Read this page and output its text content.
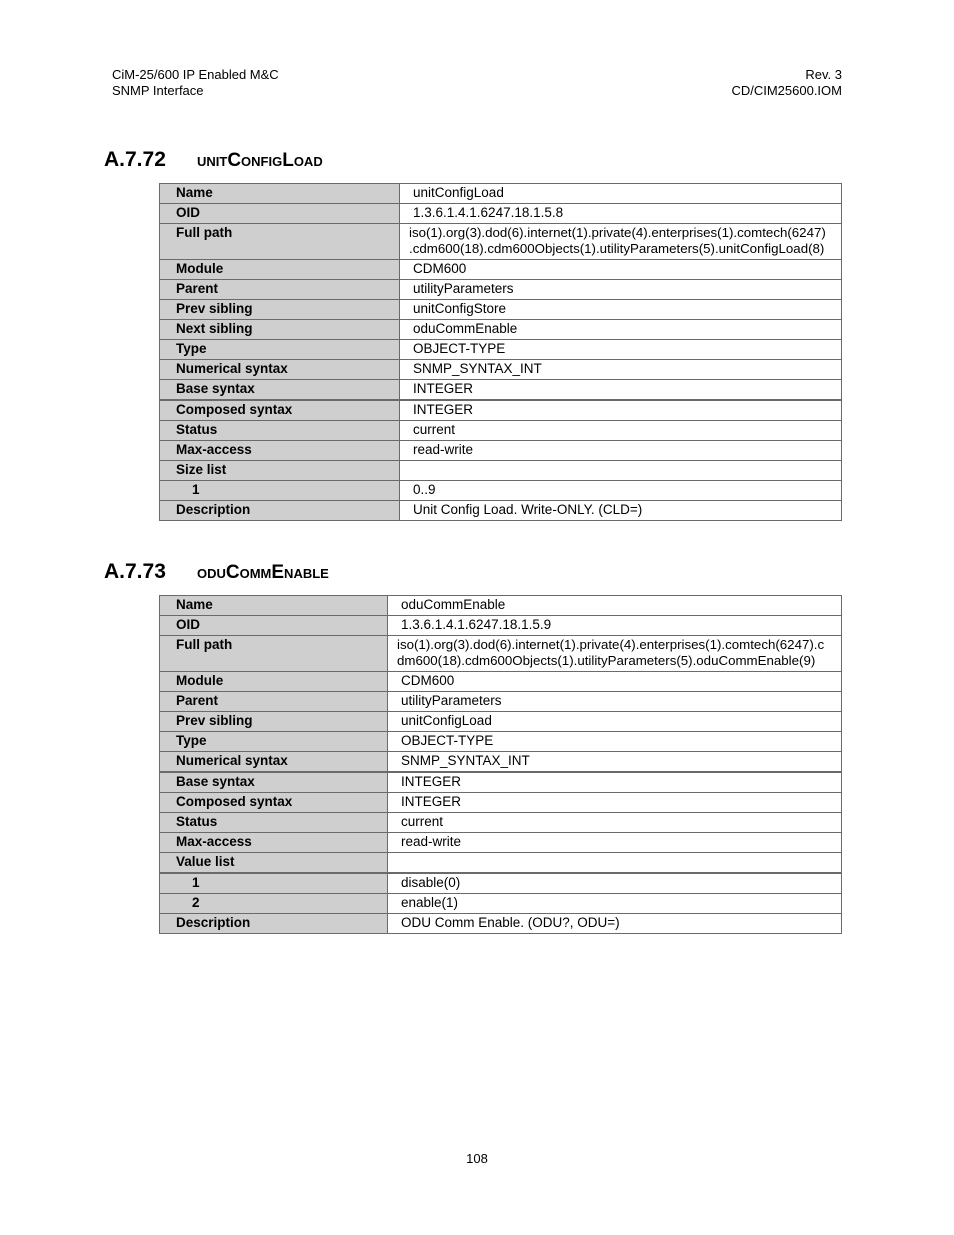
CiM-25/600 IP Enabled M&C
SNMP Interface
Rev. 3
CD/CIM25600.IOM
A.7.72 unitConfigLoad
Name	unitConfigLoad
OID	1.3.6.1.4.1.6247.18.1.5.8
Full path	iso(1).org(3).dod(6).internet(1).private(4).enterprises(1).comtech(6247)
.cdm600(18).cdm600Objects(1).utilityParameters(5).unitConfigLoad(8)

Module	CDM600
Parent	utilityParameters
Prev sibling	unitConfigStore
Next sibling	oduCommEnable
Type	OBJECT-TYPE
Numerical syntax	SNMP_SYNTAX_INT
Base syntax	INTEGER
Composed syntax	INTEGER
Status	current
Max-access	read-write
Size list	
1	0..9
Description	Unit Config Load. Write-ONLY. (CLD=)
A.7.73 oduCommEnable
Name	oduCommEnable
OID	1.3.6.1.4.1.6247.18.1.5.9
Full path	iso(1).org(3).dod(6).internet(1).private(4).enterprises(1).comtech(6247).c
dm600(18).cdm600Objects(1).utilityParameters(5).oduCommEnable(9)

Module	CDM600
Parent	utilityParameters
Prev sibling	unitConfigLoad
Type	OBJECT-TYPE
Numerical syntax	SNMP_SYNTAX_INT
Base syntax	INTEGER
Composed syntax	INTEGER
Status	current
Max-access	read-write
Value list	
1	disable(0)
2	enable(1)
Description	ODU Comm Enable. (ODU?, ODU=)
108
